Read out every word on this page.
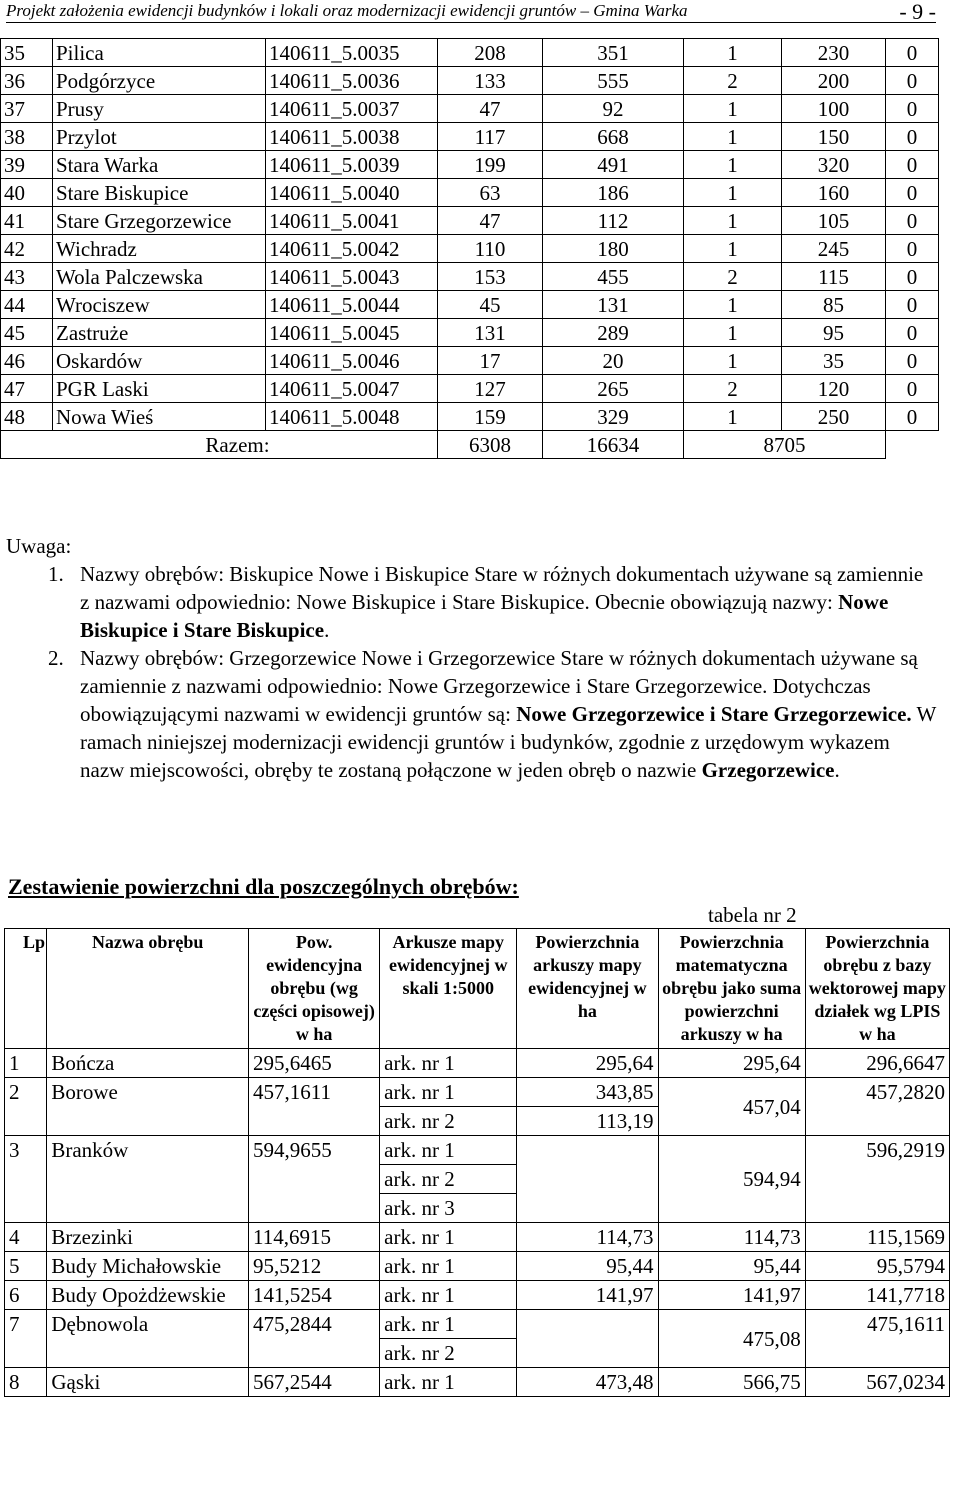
Projekt założenia ewidencji budynków i lokali oraz modernizacji ewidencji gruntów – Gmina Warka	- 9 -
35	Pilica	140611_5.0035	208	351	1	230	0
36	Podgórzyce	140611_5.0036	133	555	2	200	0
37	Prusy	140611_5.0037	47	92	1	100	0
38	Przylot	140611_5.0038	117	668	1	150	0
39	Stara Warka	140611_5.0039	199	491	1	320	0
40	Stare Biskupice	140611_5.0040	63	186	1	160	0
41	Stare Grzegorzewice	140611_5.0041	47	112	1	105	0
42	Wichradz	140611_5.0042	110	180	1	245	0
43	Wola Palczewska	140611_5.0043	153	455	2	115	0
44	Wrociszew	140611_5.0044	45	131	1	85	0
45	Zastruże	140611_5.0045	131	289	1	95	0
46	Oskardów	140611_5.0046	17	20	1	35	0
47	PGR Laski	140611_5.0047	127	265	2	120	0
48	Nowa Wieś	140611_5.0048	159	329	1	250	0
Razem:			6308	16634	8705		

Uwaga:

1. Nazwy obrębów: Biskupice Nowe i Biskupice Stare w różnych dokumentach używane są zamiennie z nazwami odpowiednio: Nowe Biskupice i Stare Biskupice. Obecnie obowiązują nazwy: Nowe Biskupice i Stare Biskupice.

2. Nazwy obrębów: Grzegorzewice Nowe i Grzegorzewice Stare w różnych dokumentach używane są zamiennie z nazwami odpowiednio: Nowe Grzegorzewice i Stare Grzegorzewice. Dotychczas obowiązującymi nazwami w ewidencji gruntów są: Nowe Grzegorzewice i Stare Grzegorzewice. W ramach niniejszej modernizacji ewidencji gruntów i budynków, zgodnie z urzędowym wykazem nazw miejscowości, obręby te zostaną połączone w jeden obręb o nazwie Grzegorzewice.

Zestawienie powierzchni dla poszczególnych obrębów:
tabela nr 2
Lp	Nazwa obrębu	Pow. ewidencyjna obrębu (wg części opisowej) w ha	Arkusze mapy ewidencyjnej w skali 1:5000	Powierzchnia arkuszy mapy ewidencyjnej w ha	Powierzchnia matematyczna obrębu jako suma powierzchni arkuszy w ha	Powierzchnia obrębu z bazy wektorowej mapy działek wg LPIS w ha
1	Bończa	295,6465	ark. nr 1	295,64	295,64	296,6647
2	Borowe	457,1611	ark. nr 1	343,85	457,04	457,2820
			ark. nr 2	113,19		
3	Branków	594,9655	ark. nr 1		594,94	596,2919
			ark. nr 2			
			ark. nr 3			
4	Brzezinki	114,6915	ark. nr 1	114,73	114,73	115,1569
5	Budy Michałowskie	95,5212	ark. nr 1	95,44	95,44	95,5794
6	Budy Opożdżewskie	141,5254	ark. nr 1	141,97	141,97	141,7718
7	Dębnowola	475,2844	ark. nr 1		475,08	475,1611
			ark. nr 2			
8	Gąski	567,2544	ark. nr 1	473,48	566,75	567,0234
